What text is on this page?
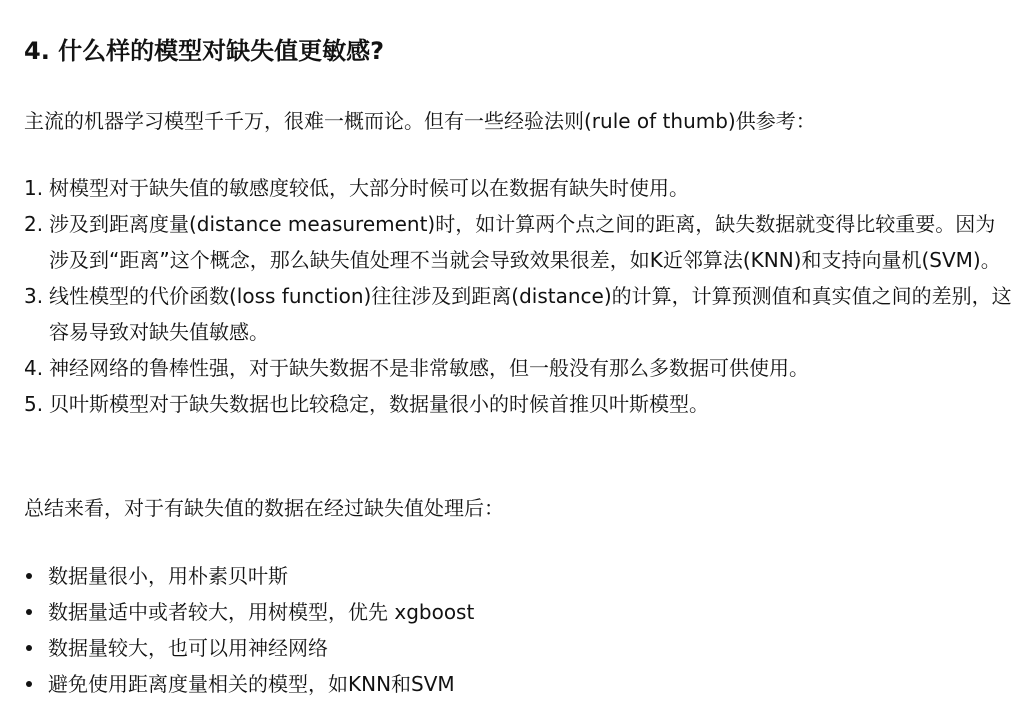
4. 什么样的模型对缺失值更敏感?

主流的机器学习模型千千万，很难一概而论。但有一些经验法则(rule of thumb)供参考：

1. 树模型对于缺失值的敏感度较低，大部分时候可以在数据有缺失时使用。
2. 涉及到距离度量(distance measurement)时，如计算两个点之间的距离，缺失数据就变得比较重要。因为涉及到“距离”这个概念，那么缺失值处理不当就会导致效果很差，如K近邻算法(KNN)和支持向量机(SVM)。
3. 线性模型的代价函数(loss function)往往涉及到距离(distance)的计算，计算预测值和真实值之间的差别，这容易导致对缺失值敏感。
4. 神经网络的鲁棒性强，对于缺失数据不是非常敏感，但一般没有那么多数据可供使用。
5. 贝叶斯模型对于缺失数据也比较稳定，数据量很小的时候首推贝叶斯模型。

总结来看，对于有缺失值的数据在经过缺失值处理后：

数据量很小，用朴素贝叶斯
数据量适中或者较大，用树模型，优先 xgboost
数据量较大，也可以用神经网络
避免使用距离度量相关的模型，如KNN和SVM
